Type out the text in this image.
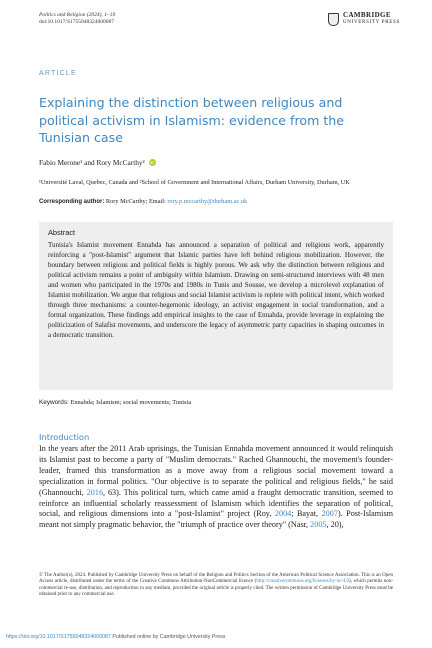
Politics and Religion (2024), 1–19
doi:10.1017/S1755048324000087
CAMBRIDGE
UNIVERSITY PRESS
ARTICLE
Explaining the distinction between religious and political activism in Islamism: evidence from the Tunisian case
Fabio Merone¹ and Rory McCarthy²	iD
¹Université Laval, Quebec, Canada and ²School of Government and International Affairs, Durham University, Durham, UK
Corresponding author: Rory McCarthy; Email: rory.p.mccarthy@durham.ac.uk
Abstract

Tunisia's Islamist movement Ennahda has announced a separation of political and religious work, apparently reinforcing a "post-Islamist" argument that Islamic parties have left behind religious mobilization. However, the boundary between religious and political fields is highly porous. We ask why the distinction between religious and political activism remains a point of ambiguity within Islamism. Drawing on semi-structured interviews with 48 men and women who participated in the 1970s and 1980s in Tunis and Sousse, we develop a microlevel explanation of Islamist mobilization. We argue that religious and social Islamist activism is replete with political intent, which worked through three mechanisms: a counter-hegemonic ideology, an activist engagement in social transformation, and a formal organization. These findings add empirical insights to the case of Ennahda, provide leverage in explaining the politicization of Salafist movements, and underscore the legacy of asymmetric party capacities in shaping outcomes in a democratic transition.

Keywords: Ennahda; Islamism; social movements; Tunisia
Introduction

In the years after the 2011 Arab uprisings, the Tunisian Ennahda movement announced it would relinquish its Islamist past to become a party of "Muslim democrats." Rached Ghannouchi, the movement's founder-leader, framed this transformation as a move away from a religious social movement toward a specialization in formal politics. "Our objective is to separate the political and religious fields," he said (Ghannouchi, 2016, 63). This political turn, which came amid a fraught democratic transition, seemed to reinforce an influential scholarly reassessment of Islamism which identifies the separation of political, social, and religious dimensions into a "post-Islamist" project (Roy, 2004; Bayat, 2007). Post-Islamism meant not simply pragmatic behavior, the "triumph of practice over theory" (Nasr, 2005, 20),

© The Author(s), 2024. Published by Cambridge University Press on behalf of the Religion and Politics Section of the American Political Science Association. This is an Open Access article, distributed under the terms of the Creative Commons Attribution-NonCommercial licence (http://creativecommons.org/licenses/by-nc/4.0), which permits non-commercial re-use, distribution, and reproduction in any medium, provided the original article is properly cited. The written permission of Cambridge University Press must be obtained prior to any commercial use.
https://doi.org/10.1017/S1755048324000087 Published online by Cambridge University Press
